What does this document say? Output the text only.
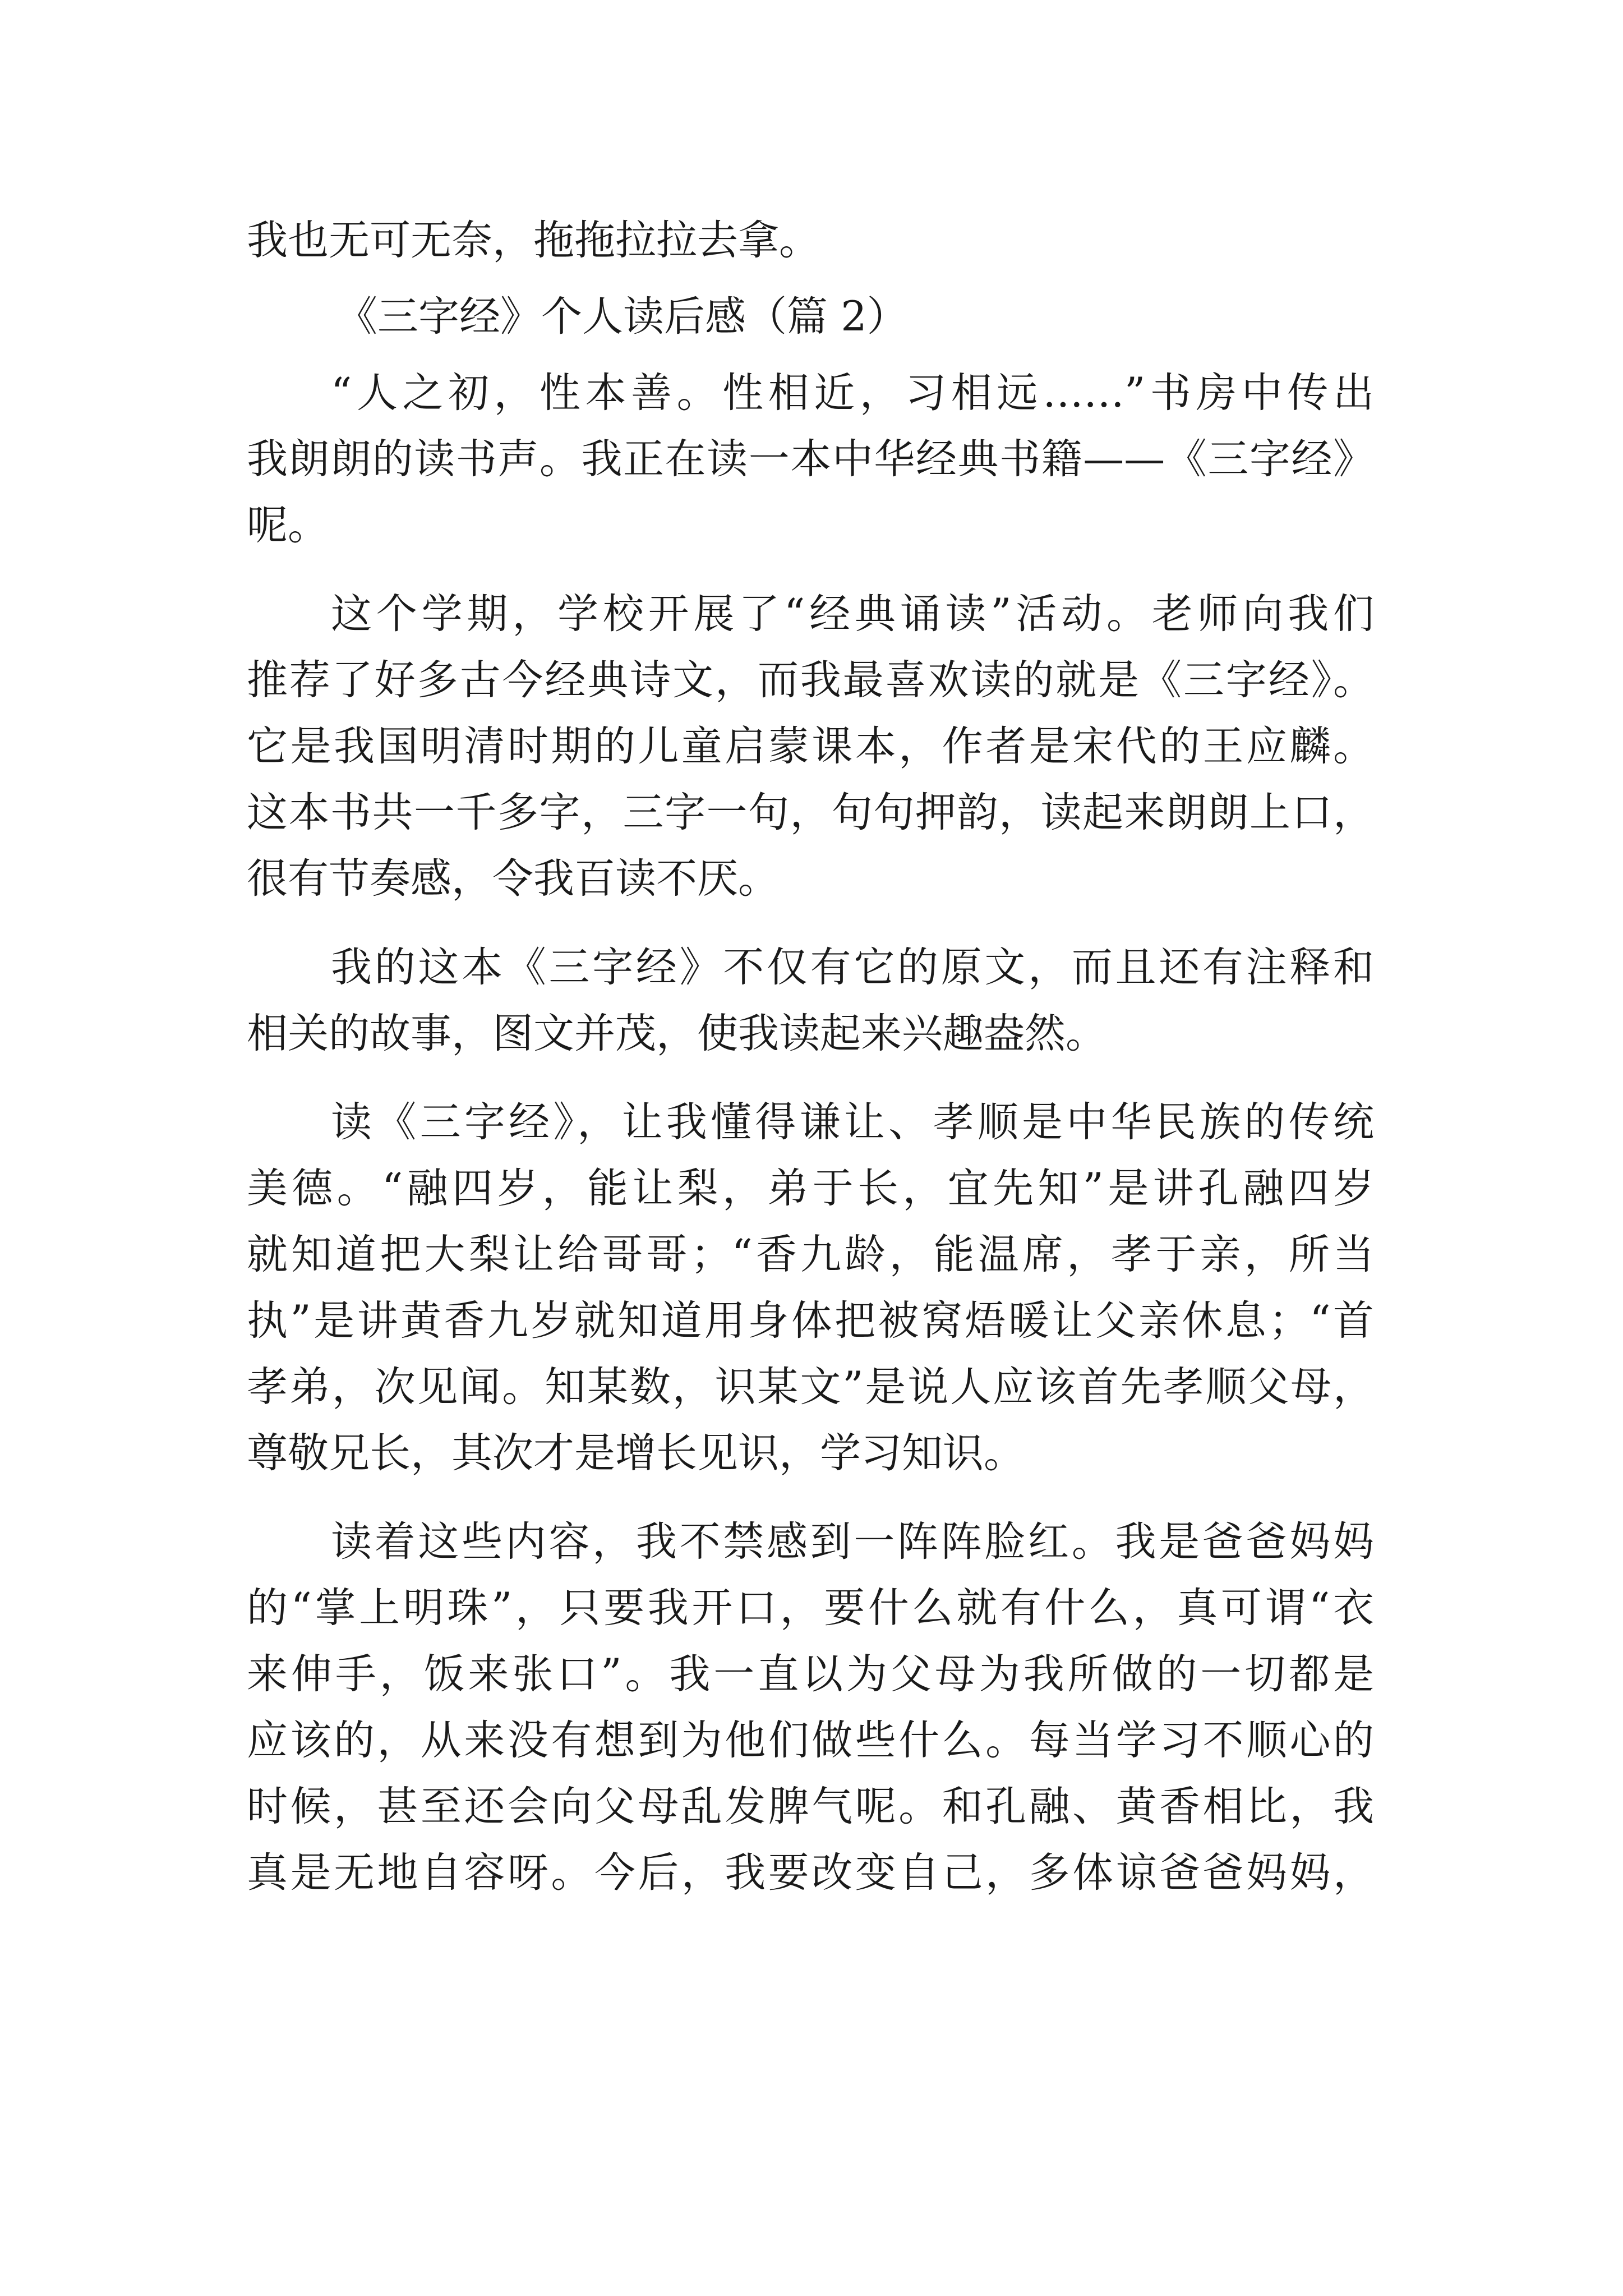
我也无可无奈，拖拖拉拉去拿。
《三字经》个人读后感（篇 2）
“人之初，性本善。性相近，习相远……”书房中传出
我朗朗的读书声。我正在读一本中华经典书籍——《三字经》
呢。
这个学期，学校开展了“经典诵读”活动。老师向我们
推荐了好多古今经典诗文，而我最喜欢读的就是《三字经》。
它是我国明清时期的儿童启蒙课本，作者是宋代的王应麟。
这本书共一千多字，三字一句，句句押韵，读起来朗朗上口，
很有节奏感，令我百读不厌。
我的这本《三字经》不仅有它的原文，而且还有注释和
相关的故事，图文并茂，使我读起来兴趣盎然。
读《三字经》，让我懂得谦让、孝顺是中华民族的传统
美德。“融四岁，能让梨，弟于长，宜先知”是讲孔融四岁
就知道把大梨让给哥哥；“香九龄，能温席，孝于亲，所当
执”是讲黄香九岁就知道用身体把被窝焐暖让父亲休息；“首
孝弟，次见闻。知某数，识某文”是说人应该首先孝顺父母，
尊敬兄长，其次才是增长见识，学习知识。
读着这些内容，我不禁感到一阵阵脸红。我是爸爸妈妈
的“掌上明珠”，只要我开口，要什么就有什么，真可谓“衣
来伸手，饭来张口”。我一直以为父母为我所做的一切都是
应该的，从来没有想到为他们做些什么。每当学习不顺心的
时候，甚至还会向父母乱发脾气呢。和孔融、黄香相比，我
真是无地自容呀。今后，我要改变自己，多体谅爸爸妈妈，
